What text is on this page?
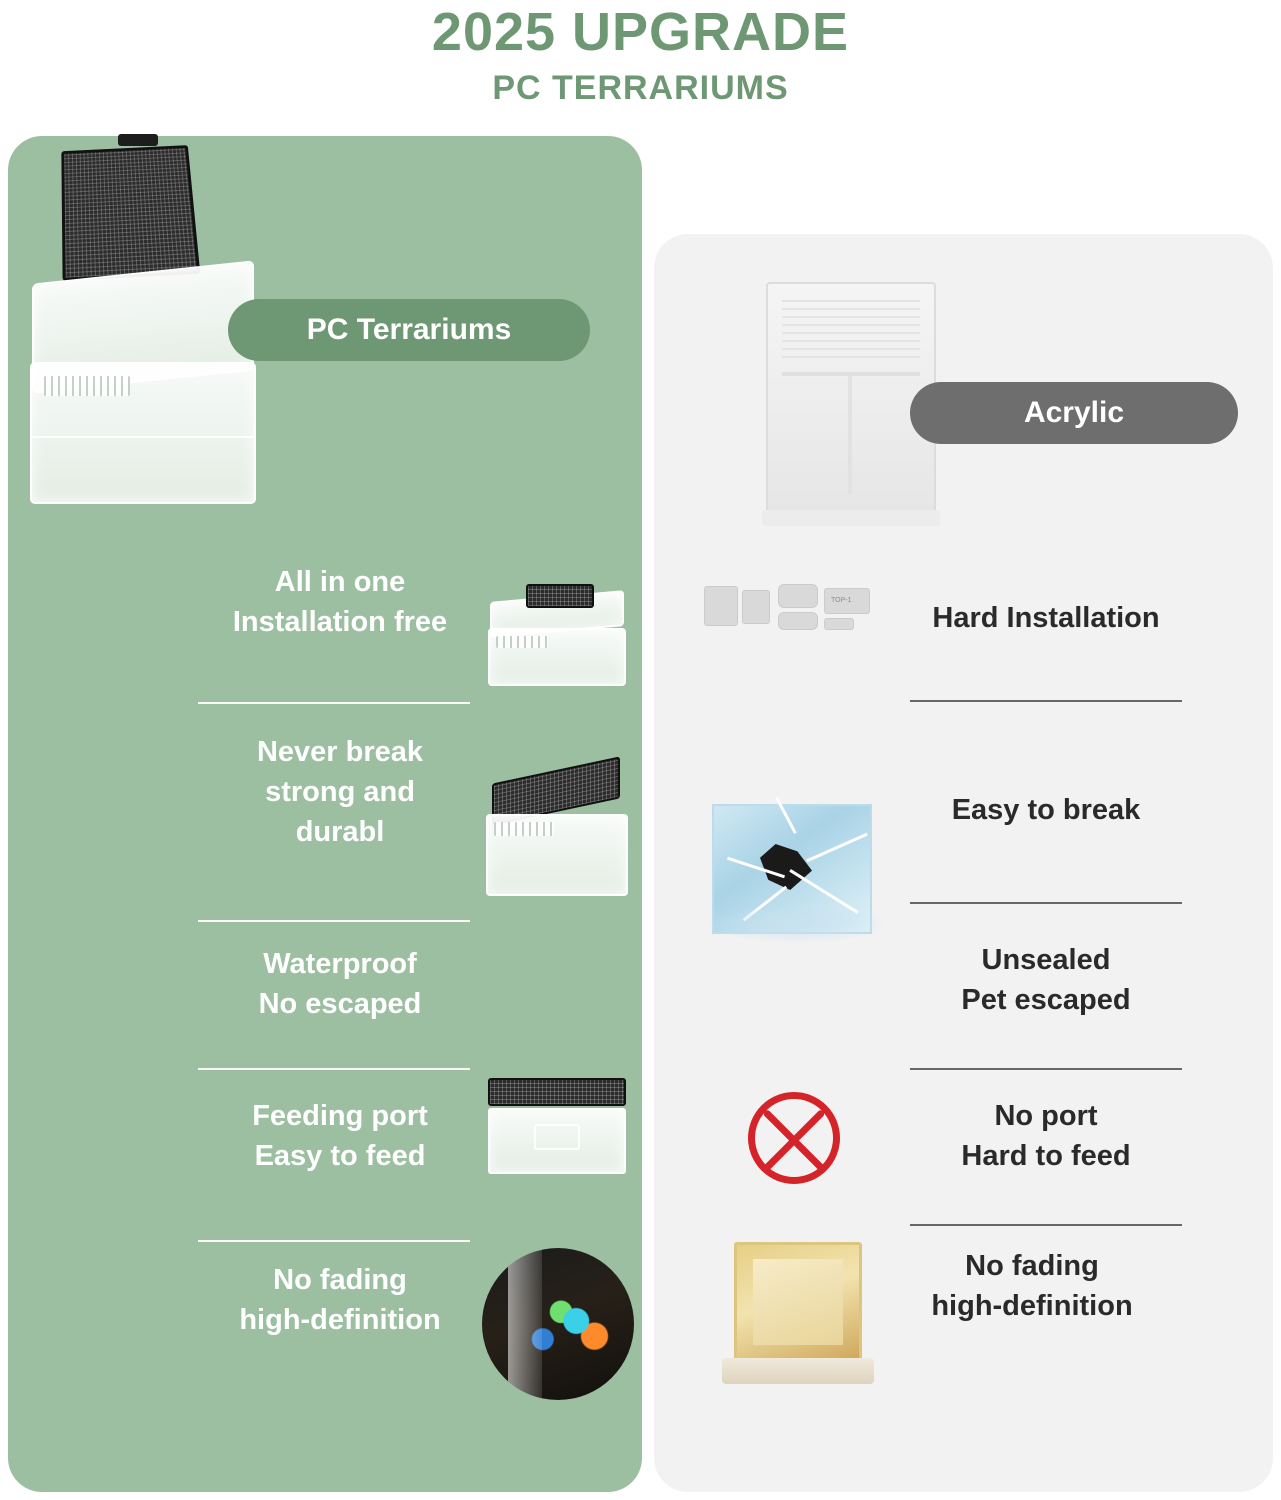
2025 UPGRADE
PC TERRARIUMS
PC Terrariums
Acrylic
All in one
Installation free
Never break
strong and
durabl
Waterproof
No escaped
Feeding port
Easy to feed
No fading
high-definition
TOP-1
Hard Installation
Easy to break
Unsealed
Pet escaped
No port
Hard to feed
No fading
high-definition
